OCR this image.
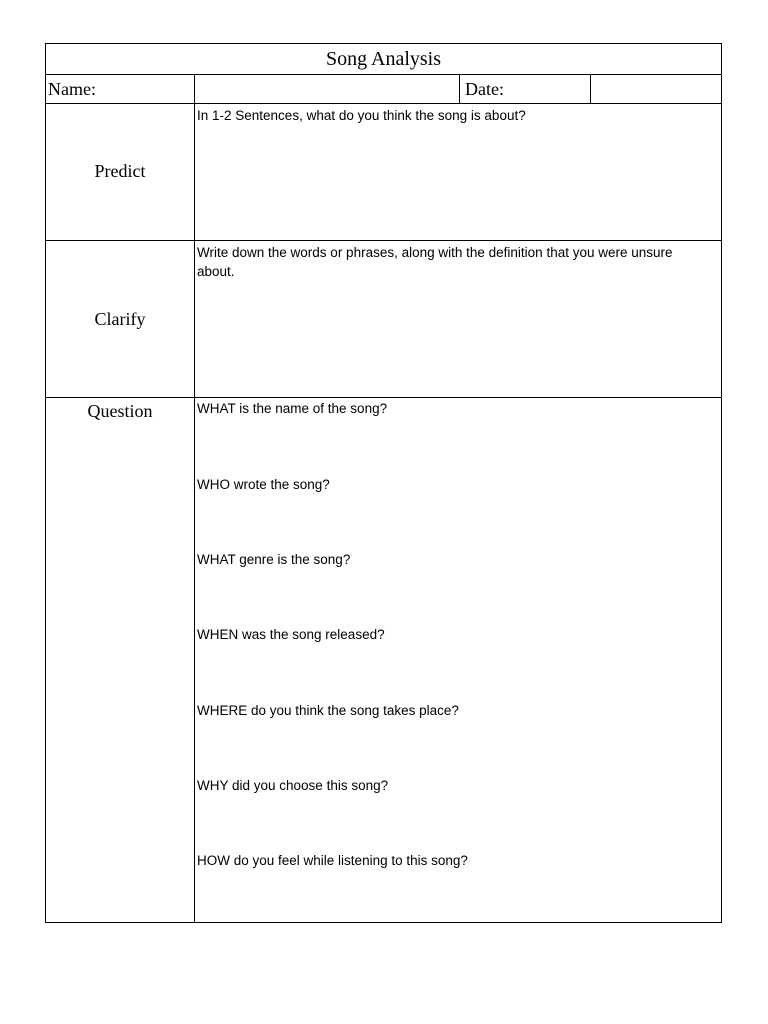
Song Analysis
Name:	Date:
Predict

In 1-2 Sentences, what do you think the song is about?

Clarify

Write down the words or phrases, along with the definition that you were unsure about.

Question	WHAT is the name of the song?
WHO wrote the song?
WHAT genre is the song?
WHEN was the song released?
WHERE do you think the song takes place?
WHY did you choose this song?
HOW do you feel while listening to this song?
